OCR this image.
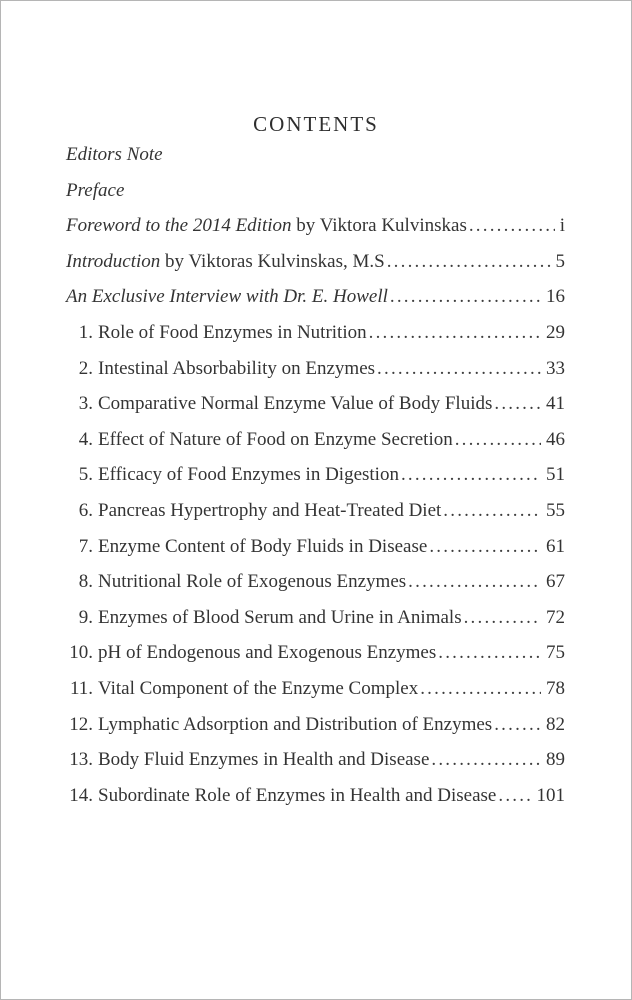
CONTENTS
Editors Note
Preface
Foreword to the 2014 Edition by Viktora Kulvinskas .....	i
Introduction by Viktoras Kulvinskas, M.S .....	5
An Exclusive Interview with Dr. E. Howell .....	16
1. Role of Food Enzymes in Nutrition .....	29
2. Intestinal Absorbability on Enzymes .....	33
3. Comparative Normal Enzyme Value of Body Fluids .....	41
4. Effect of Nature of Food on Enzyme Secretion .....	46
5. Efficacy of Food Enzymes in Digestion .....	51
6. Pancreas Hypertrophy and Heat-Treated Diet .....	55
7. Enzyme Content of Body Fluids in Disease .....	61
8. Nutritional Role of Exogenous Enzymes .....	67
9. Enzymes of Blood Serum and Urine in Animals .....	72
10. pH of Endogenous and Exogenous Enzymes .....	75
11. Vital Component of the Enzyme Complex .....	78
12. Lymphatic Adsorption and Distribution of Enzymes .....	82
13. Body Fluid Enzymes in Health and Disease .....	89
14. Subordinate Role of Enzymes in Health and Disease ..... 101
